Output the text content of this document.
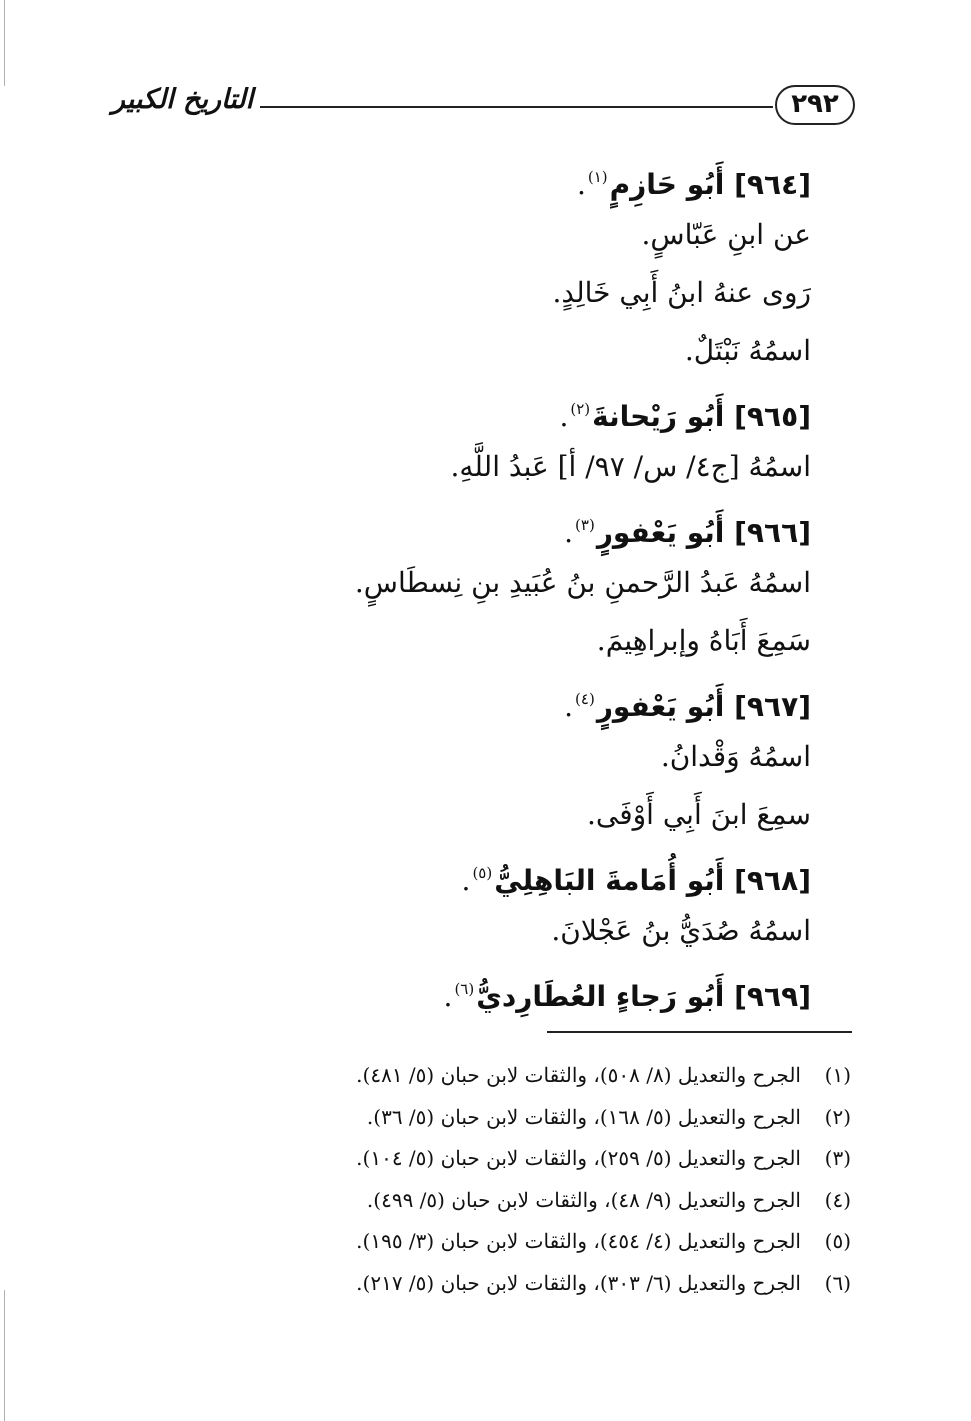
التاريخ الكبير	٢٩٢
[٩٦٤] أَبُو حَازِمٍ$^{(١)}$.
عن ابنِ عَبّاسٍ.
رَوى عنهُ ابنُ أَبِي خَالِدٍ.
اسمُهُ نَبْتَلٌ.
[٩٦٥] أَبُو رَيْحانةَ$^{(٢)}$.
اسمُهُ [ج٤/ س/ ٩٧/ أ] عَبدُ اللَّهِ.
[٩٦٦] أَبُو يَعْفورٍ$^{(٣)}$.
اسمُهُ عَبدُ الرَّحمنِ بنُ عُبَيدِ بنِ نِسطَاسٍ.
سَمِعَ أَبَاهُ وإبراهِيمَ.
[٩٦٧] أَبُو يَعْفورٍ$^{(٤)}$.
اسمُهُ وَقْدانُ.
سمِعَ ابنَ أَبِي أَوْفَى.
[٩٦٨] أَبُو أُمَامةَ البَاهِلِيُّ$^{(٥)}$.
اسمُهُ صُدَيُّ بنُ عَجْلانَ.
[٩٦٩] أَبُو رَجاءٍ العُطَارِديُّ$^{(٦)}$.
(١)الجرح والتعديل (٨/ ٥٠٨)، والثقات لابن حبان (٥/ ٤٨١).
(٢)الجرح والتعديل (٥/ ١٦٨)، والثقات لابن حبان (٥/ ٣٦).
(٣)الجرح والتعديل (٥/ ٢٥٩)، والثقات لابن حبان (٥/ ١٠٤).
(٤)الجرح والتعديل (٩/ ٤٨)، والثقات لابن حبان (٥/ ٤٩٩).
(٥)الجرح والتعديل (٤/ ٤٥٤)، والثقات لابن حبان (٣/ ١٩٥).
(٦)الجرح والتعديل (٦/ ٣٠٣)، والثقات لابن حبان (٥/ ٢١٧).
